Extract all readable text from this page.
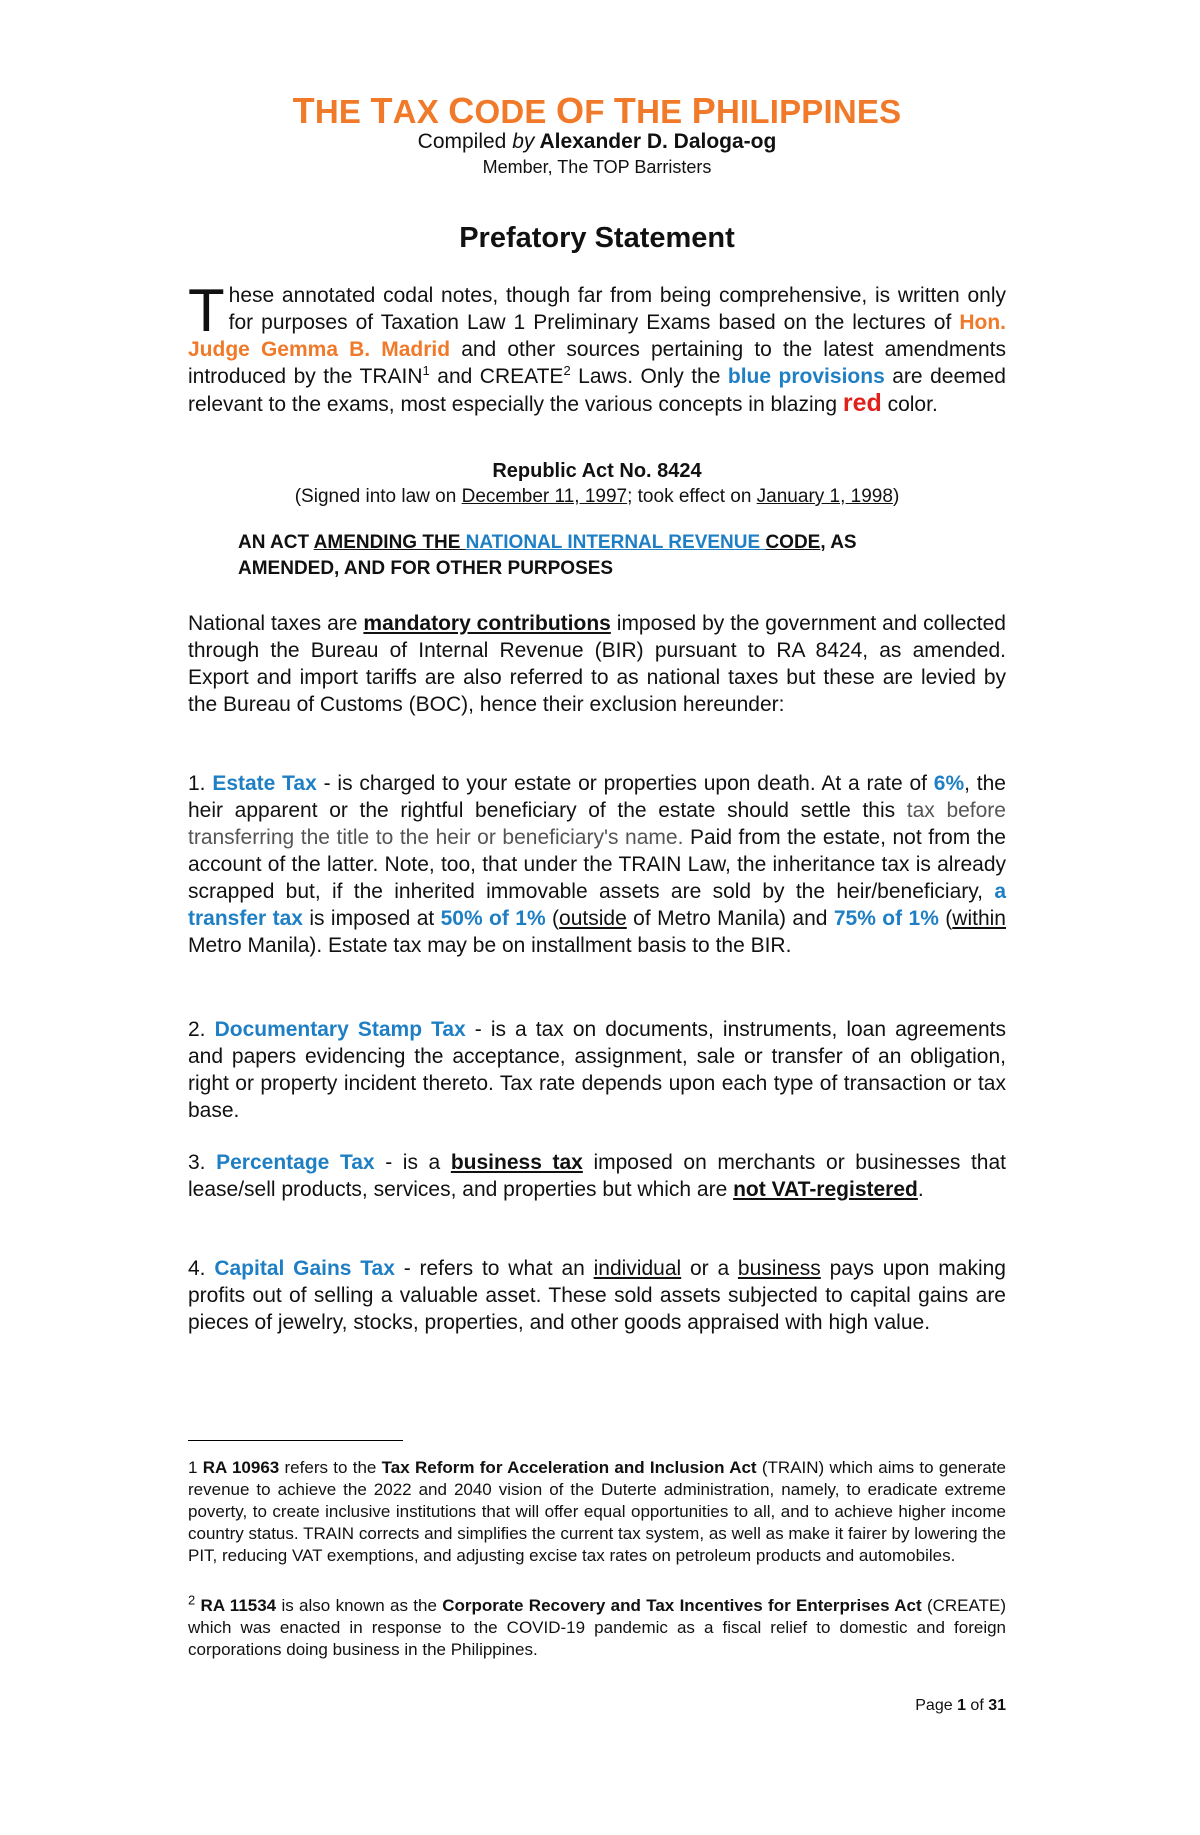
THE TAX CODE OF THE PHILIPPINES
Compiled by Alexander D. Daloga-og
Member, The TOP Barristers
Prefatory Statement
These annotated codal notes, though far from being comprehensive, is written only for purposes of Taxation Law 1 Preliminary Exams based on the lectures of Hon. Judge Gemma B. Madrid and other sources pertaining to the latest amendments introduced by the TRAIN$^1$ and CREATE$^2$ Laws. Only the blue provisions are deemed relevant to the exams, most especially the various concepts in blazing red color.
Republic Act No. 8424
(Signed into law on December 11, 1997; took effect on January 1, 1998)
AN ACT AMENDING THE NATIONAL INTERNAL REVENUE CODE, AS AMENDED, AND FOR OTHER PURPOSES
National taxes are mandatory contributions imposed by the government and collected through the Bureau of Internal Revenue (BIR) pursuant to RA 8424, as amended. Export and import tariffs are also referred to as national taxes but these are levied by the Bureau of Customs (BOC), hence their exclusion hereunder:
1. Estate Tax - is charged to your estate or properties upon death. At a rate of 6%, the heir apparent or the rightful beneficiary of the estate should settle this tax before transferring the title to the heir or beneficiary's name. Paid from the estate, not from the account of the latter. Note, too, that under the TRAIN Law, the inheritance tax is already scrapped but, if the inherited immovable assets are sold by the heir/beneficiary, a transfer tax is imposed at 50% of 1% (outside of Metro Manila) and 75% of 1% (within Metro Manila). Estate tax may be on installment basis to the BIR.
2. Documentary Stamp Tax - is a tax on documents, instruments, loan agreements and papers evidencing the acceptance, assignment, sale or transfer of an obligation, right or property incident thereto. Tax rate depends upon each type of transaction or tax base.
3. Percentage Tax - is a business tax imposed on merchants or businesses that lease/sell products, services, and properties but which are not VAT-registered.
4. Capital Gains Tax - refers to what an individual or a business pays upon making profits out of selling a valuable asset. These sold assets subjected to capital gains are pieces of jewelry, stocks, properties, and other goods appraised with high value.
1 RA 10963 refers to the Tax Reform for Acceleration and Inclusion Act (TRAIN) which aims to generate revenue to achieve the 2022 and 2040 vision of the Duterte administration, namely, to eradicate extreme poverty, to create inclusive institutions that will offer equal opportunities to all, and to achieve higher income country status. TRAIN corrects and simplifies the current tax system, as well as make it fairer by lowering the PIT, reducing VAT exemptions, and adjusting excise tax rates on petroleum products and automobiles.
$^2$ RA 11534 is also known as the Corporate Recovery and Tax Incentives for Enterprises Act (CREATE) which was enacted in response to the COVID-19 pandemic as a fiscal relief to domestic and foreign corporations doing business in the Philippines.
Page 1 of 31
